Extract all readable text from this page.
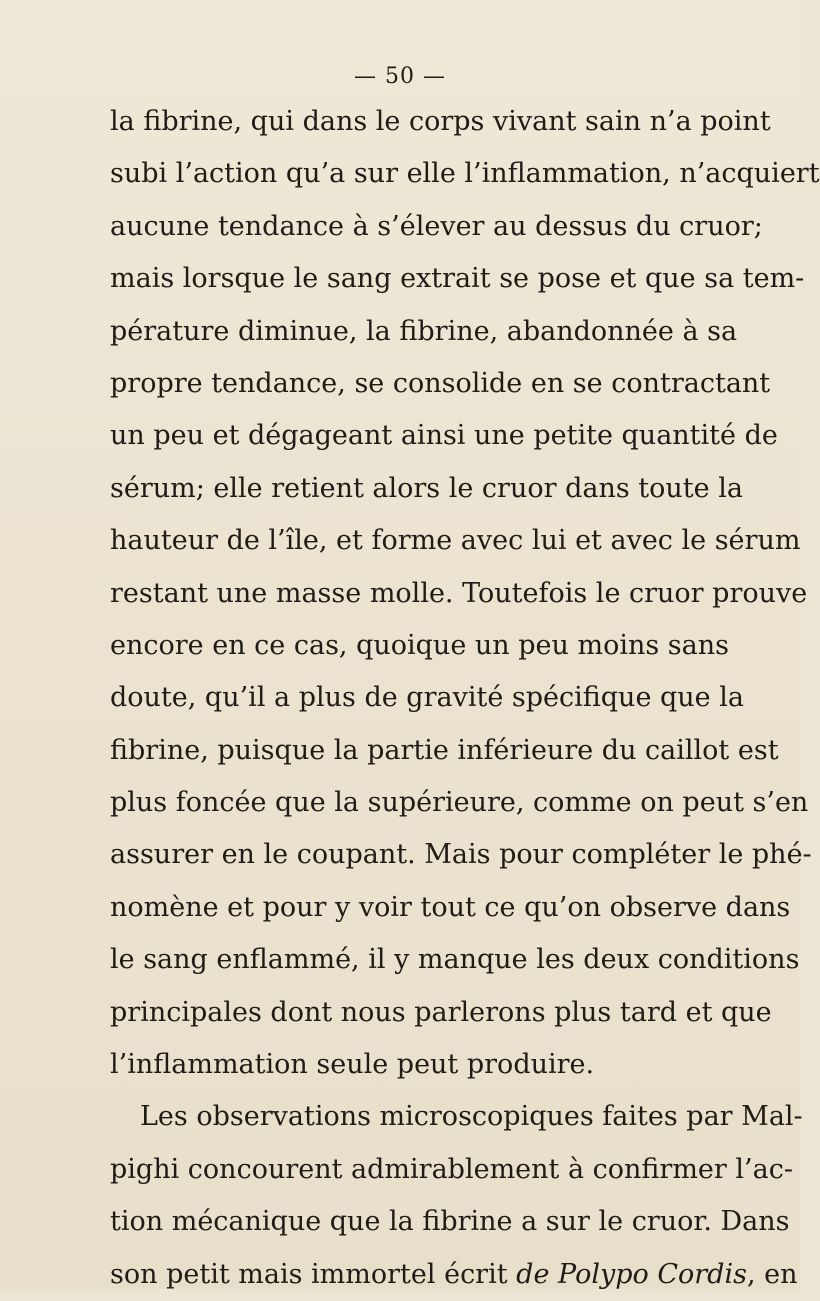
— 50 —
la fibrine, qui dans le corps vivant sain n’a point
subi l’action qu’a sur elle l’inflammation, n’acquiert
aucune tendance à s’élever au dessus du cruor;
mais lorsque le sang extrait se pose et que sa tem-
pérature diminue, la fibrine, abandonnée à sa
propre tendance, se consolide en se contractant
un peu et dégageant ainsi une petite quantité de
sérum; elle retient alors le cruor dans toute la
hauteur de l’île, et forme avec lui et avec le sérum
restant une masse molle. Toutefois le cruor prouve
encore en ce cas, quoique un peu moins sans
doute, qu’il a plus de gravité spécifique que la
fibrine, puisque la partie inférieure du caillot est
plus foncée que la supérieure, comme on peut s’en
assurer en le coupant. Mais pour compléter le phé-
nomène et pour y voir tout ce qu’on observe dans
le sang enflammé, il y manque les deux conditions
principales dont nous parlerons plus tard et que
l’inflammation seule peut produire.
Les observations microscopiques faites par Mal-
pighi concourent admirablement à confirmer l’ac-
tion mécanique que la fibrine a sur le cruor. Dans
son petit mais immortel écrit de Polypo Cordis, en
